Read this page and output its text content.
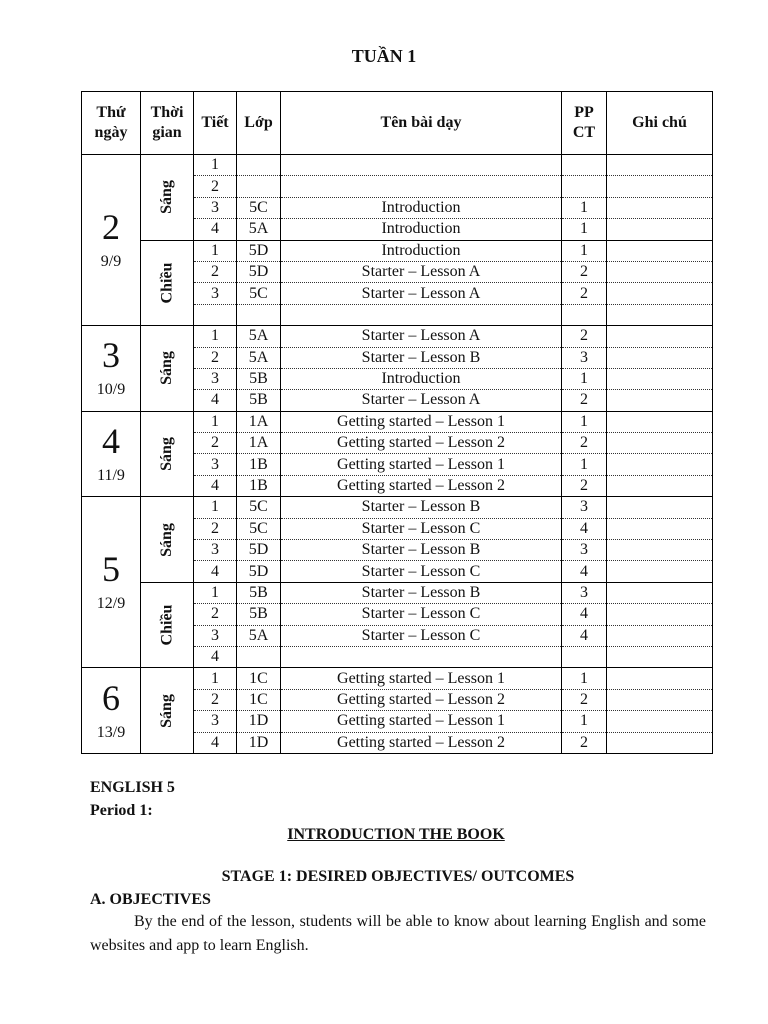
TUẦN 1
Thứ ngày	Thời gian	Tiết	Lớp	Tên bài dạy	PP CT	Ghi chú

2
9/9	Sáng	1				
		2				
		3	5C	Introduction	1	
		4	5A	Introduction	1	
	Chiều	1	5D	Introduction	1	
		2	5D	Starter – Lesson A	2	
		3	5C	Starter – Lesson A	2	

3
10/9	Sáng	1	5A	Starter – Lesson A	2	
		2	5A	Starter – Lesson B	3	
		3	5B	Introduction	1	
		4	5B	Starter – Lesson A	2	

4
11/9	Sáng	1	1A	Getting started – Lesson 1	1	
		2	1A	Getting started – Lesson 2	2	
		3	1B	Getting started – Lesson 1	1	
		4	1B	Getting started – Lesson 2	2	

5
12/9	Sáng	1	5C	Starter – Lesson B	3	
		2	5C	Starter – Lesson C	4	
		3	5D	Starter – Lesson B	3	
		4	5D	Starter – Lesson C	4	
	Chiều	1	5B	Starter – Lesson B	3	
		2	5B	Starter – Lesson C	4	
		3	5A	Starter – Lesson C	4	
		4				

6
13/9	Sáng	1	1C	Getting started – Lesson 1	1	
		2	1C	Getting started – Lesson 2	2	
		3	1D	Getting started – Lesson 1	1	
		4	1D	Getting started – Lesson 2	2	
ENGLISH 5
Period 1:
INTRODUCTION THE BOOK
STAGE 1: DESIRED OBJECTIVES/ OUTCOMES
A. OBJECTIVES
By the end of the lesson, students will be able to know about learning English and some websites and app to learn English.
